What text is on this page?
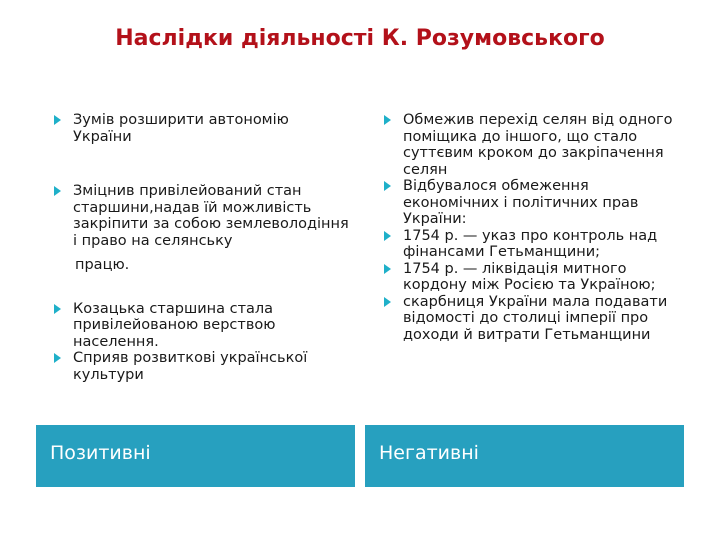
Наслідки діяльності К. Розумовського
Зумів розширити автономію України
Зміцнив привілейований стан старшини,надав їй можливість закріпити за собою землеволодіння і право на селянську
працю.
Козацька старшина стала привілейованою верствою населення.
Сприяв розвиткові української культури
Обмежив перехід селян від одного поміщика до іншого, що стало суттєвим кроком до закріпачення селян
Відбувалося обмеження економічних і політичних прав України:
1754 р. — указ про контроль над фінансами Гетьманщини;
1754 р. — ліквідація митного кордону між Росією та Україною;
скарбниця України мала подавати відомості до столиці імперії про доходи й витрати Гетьманщини
Позитивні	Негативні
